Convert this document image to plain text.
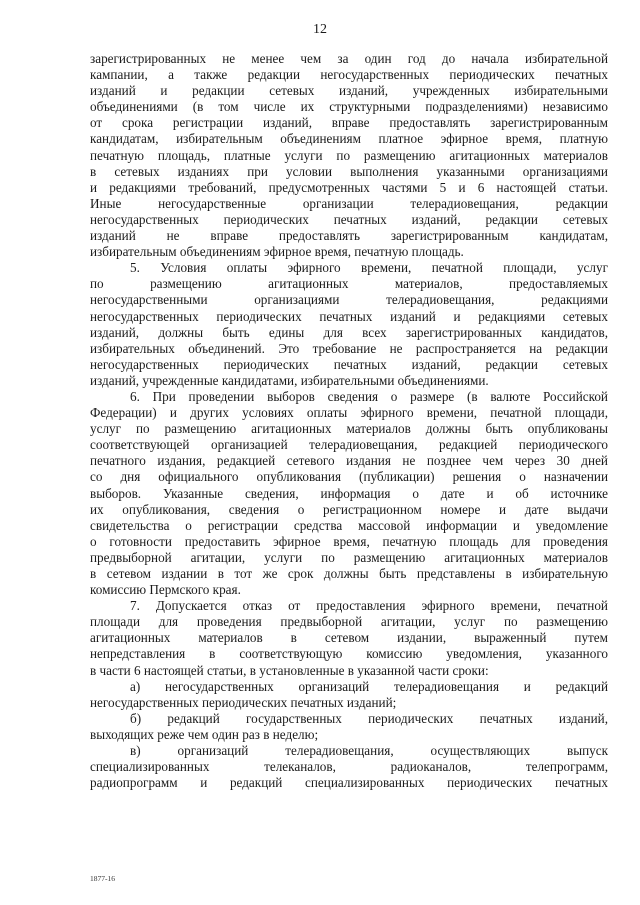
12
зарегистрированных не менее чем за один год до начала избирательной
кампании, а также редакции негосударственных периодических печатных
изданий и редакции сетевых изданий, учрежденных избирательными
объединениями (в том числе их структурными подразделениями) независимо
от срока регистрации изданий, вправе предоставлять зарегистрированным
кандидатам, избирательным объединениям платное эфирное время, платную
печатную площадь, платные услуги по размещению агитационных материалов
в сетевых изданиях при условии выполнения указанными организациями
и редакциями требований, предусмотренных частями 5 и 6 настоящей статьи.
Иные негосударственные организации телерадиовещания, редакции
негосударственных периодических печатных изданий, редакции сетевых
изданий не вправе предоставлять зарегистрированным кандидатам,
избирательным объединениям эфирное время, печатную площадь.
5. Условия оплаты эфирного времени, печатной площади, услуг
по размещению агитационных материалов, предоставляемых
негосударственными организациями телерадиовещания, редакциями
негосударственных периодических печатных изданий и редакциями сетевых
изданий, должны быть едины для всех зарегистрированных кандидатов,
избирательных объединений. Это требование не распространяется на редакции
негосударственных периодических печатных изданий, редакции сетевых
изданий, учрежденные кандидатами, избирательными объединениями.
6. При проведении выборов сведения о размере (в валюте Российской
Федерации) и других условиях оплаты эфирного времени, печатной площади,
услуг по размещению агитационных материалов должны быть опубликованы
соответствующей организацией телерадиовещания, редакцией периодического
печатного издания, редакцией сетевого издания не позднее чем через 30 дней
со дня официального опубликования (публикации) решения о назначении
выборов. Указанные сведения, информация о дате и об источнике
их опубликования, сведения о регистрационном номере и дате выдачи
свидетельства о регистрации средства массовой информации и уведомление
о готовности предоставить эфирное время, печатную площадь для проведения
предвыборной агитации, услуги по размещению агитационных материалов
в сетевом издании в тот же срок должны быть представлены в избирательную
комиссию Пермского края.
7. Допускается отказ от предоставления эфирного времени, печатной
площади для проведения предвыборной агитации, услуг по размещению
агитационных материалов в сетевом издании, выраженный путем
непредставления в соответствующую комиссию уведомления, указанного
в части 6 настоящей статьи, в установленные в указанной части сроки:
а) негосударственных организаций телерадиовещания и редакций
негосударственных периодических печатных изданий;
б) редакций государственных периодических печатных изданий,
выходящих реже чем один раз в неделю;
в) организаций телерадиовещания, осуществляющих выпуск
специализированных телеканалов, радиоканалов, телепрограмм,
радиопрограмм и редакций специализированных периодических печатных
1877-16
